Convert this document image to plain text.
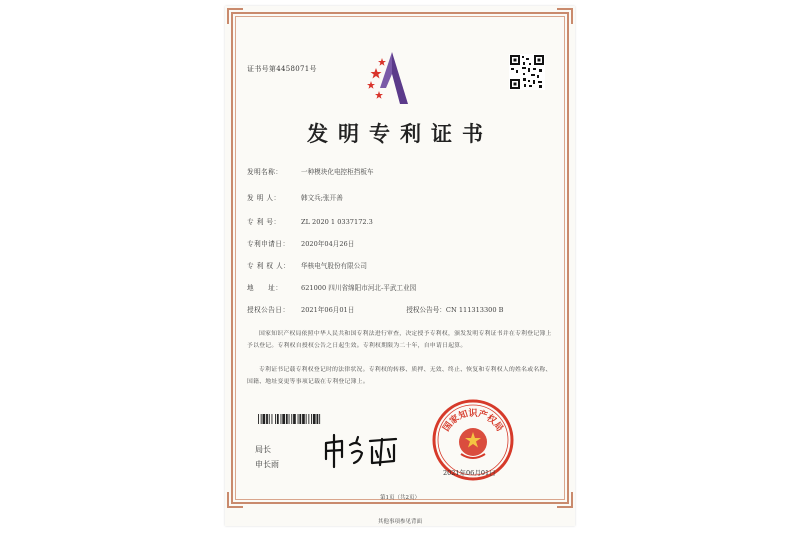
证书号第4458071号
发明专利证书
发明名称：	一种模块化电控柜挡板车
发 明 人：	韩文兵;张开善
专 利 号：	ZL 2020 1 0337172.3
专利申请日： 2020年04月26日
专 利 权 人： 华核电气股份有限公司
地　　址：	621000 四川省绵阳市河北-平武工业园
授权公告日： 2021年06月01日	授权公告号：CN 111313300 B
国家知识产权局依照中华人民共和国专利法进行审查，决定授予专利权，颁发发明专利证书并在专利登记簿上予以登记。专利权自授权公告之日起生效。专利权期限为二十年，自申请日起算。
专利证书记载专利权登记时的法律状况。专利权的转移、质押、无效、终止、恢复和专利权人的姓名或名称、国籍、地址变更等事项记载在专利登记簿上。
局长
申长雨
国家知识产权局
2021年06月01日
第1页（共2页）
其他事项参见背面
